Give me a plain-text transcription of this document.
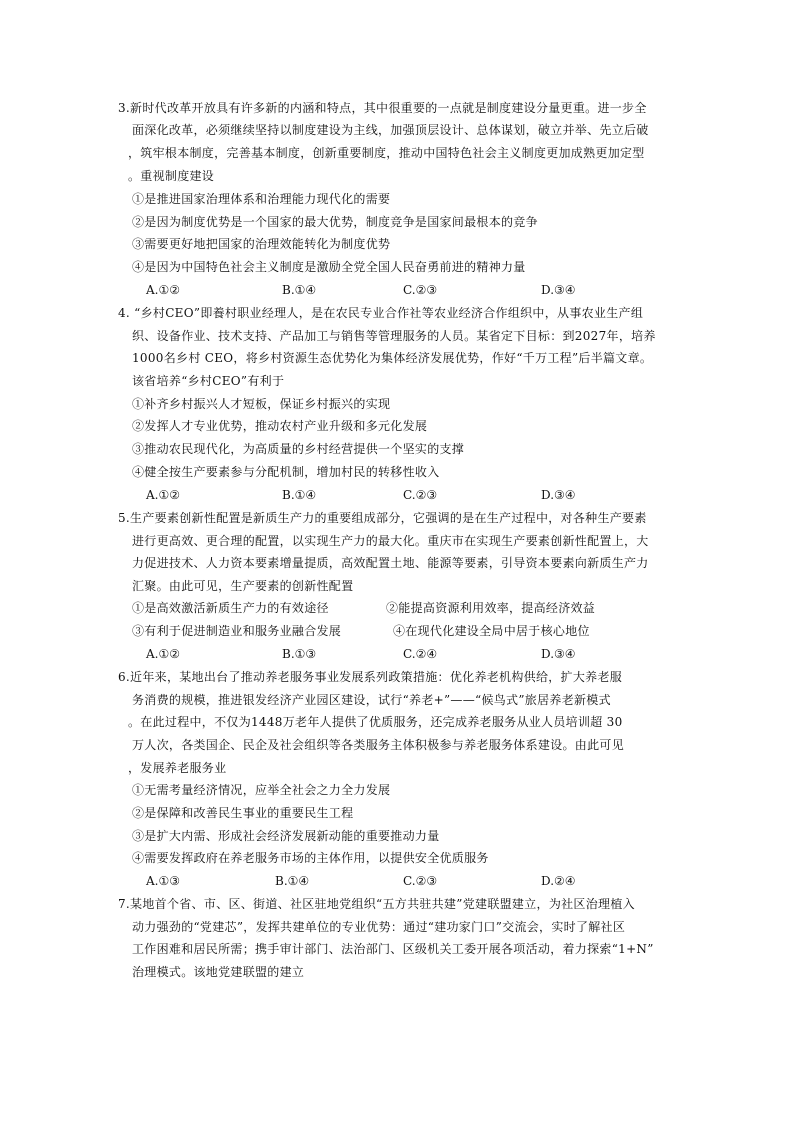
3.新时代改革开放具有许多新的内涵和特点，其中很重要的一点就是制度建设分量更重。进一步全
面深化改革，必须继续坚持以制度建设为主线，加强顶层设计、总体谋划，破立并举、先立后破
，筑牢根本制度，完善基本制度，创新重要制度，推动中国特色社会主义制度更加成熟更加定型
。重视制度建设
①是推进国家治理体系和治理能力现代化的需要
②是因为制度优势是一个国家的最大优势，制度竞争是国家间最根本的竞争
③需要更好地把国家的治理效能转化为制度优势
④是因为中国特色社会主义制度是激励全党全国人民奋勇前进的精神力量
A.①②	B.①④	C.②③	D.③④
4. “乡村CEO”即養村职业经理人，是在农民专业合作社等农业经济合作组织中，从事农业生产组
织、设备作业、技术支持、产品加工与销售等管理服务的人员。某省定下目标：到2027年，培养
1000名乡村 CEO，将乡村资源生态优势化为集体经济发展优势，作好“千万工程”后半篇文章。
该省培养“乡村CEO”有利于
①补齐乡村振兴人才短板，保证乡村振兴的实现
②发挥人才专业优势，推动农村产业升级和多元化发展
③推动农民现代化，为高质量的乡村经营提供一个坚实的支撑
④健全按生产要素参与分配机制，增加村民的转移性收入
A.①②	B.①④	C.②③	D.③④
5.生产要素创新性配置是新质生产力的重要组成部分，它强调的是在生产过程中，对各种生产要素
进行更高效、更合理的配置，以实现生产力的最大化。重庆市在实现生产要素创新性配置上，大
力促进技术、人力资本要素增量提质，高效配置土地、能源等要素，引导资本要素向新质生产力
汇聚。由此可见，生产要素的创新性配置
①是高效激活新质生产力的有效途径	②能提高资源利用效率，提高经济效益
③有利于促进制造业和服务业融合发展	④在现代化建设全局中居于核心地位
A.①②	B.①③	C.②④	D.③④
6.近年来，某地出台了推动养老服务事业发展系列政策措施：优化养老机构供给，扩大养老服
务消费的规模，推进银发经济产业园区建设，试行“养老+”——“候鸟式”旅居养老新模式
。在此过程中，不仅为1448万老年人提供了优质服务，还完成养老服务从业人员培训超 30
万人次，各类国企、民企及社会组织等各类服务主体积极参与养老服务体系建设。由此可见
，发展养老服务业
①无需考量经济情况，应举全社会之力全力发展
②是保障和改善民生事业的重要民生工程
③是扩大内需、形成社会经济发展新动能的重要推动力量
④需要发挥政府在养老服务市场的主体作用，以提供安全优质服务
A.①③	B.①④	C.②③	D.②④
7.某地首个省、市、区、街道、社区驻地党组织“五方共驻共建”党建联盟建立，为社区治理植入
动力强劲的“党建芯”，发挥共建单位的专业优势：通过“建功家门口”交流会，实时了解社区
工作困难和居民所需；携手审计部门、法治部门、区级机关工委开展各项活动，着力探索“1+N”
治理模式。该地党建联盟的建立
